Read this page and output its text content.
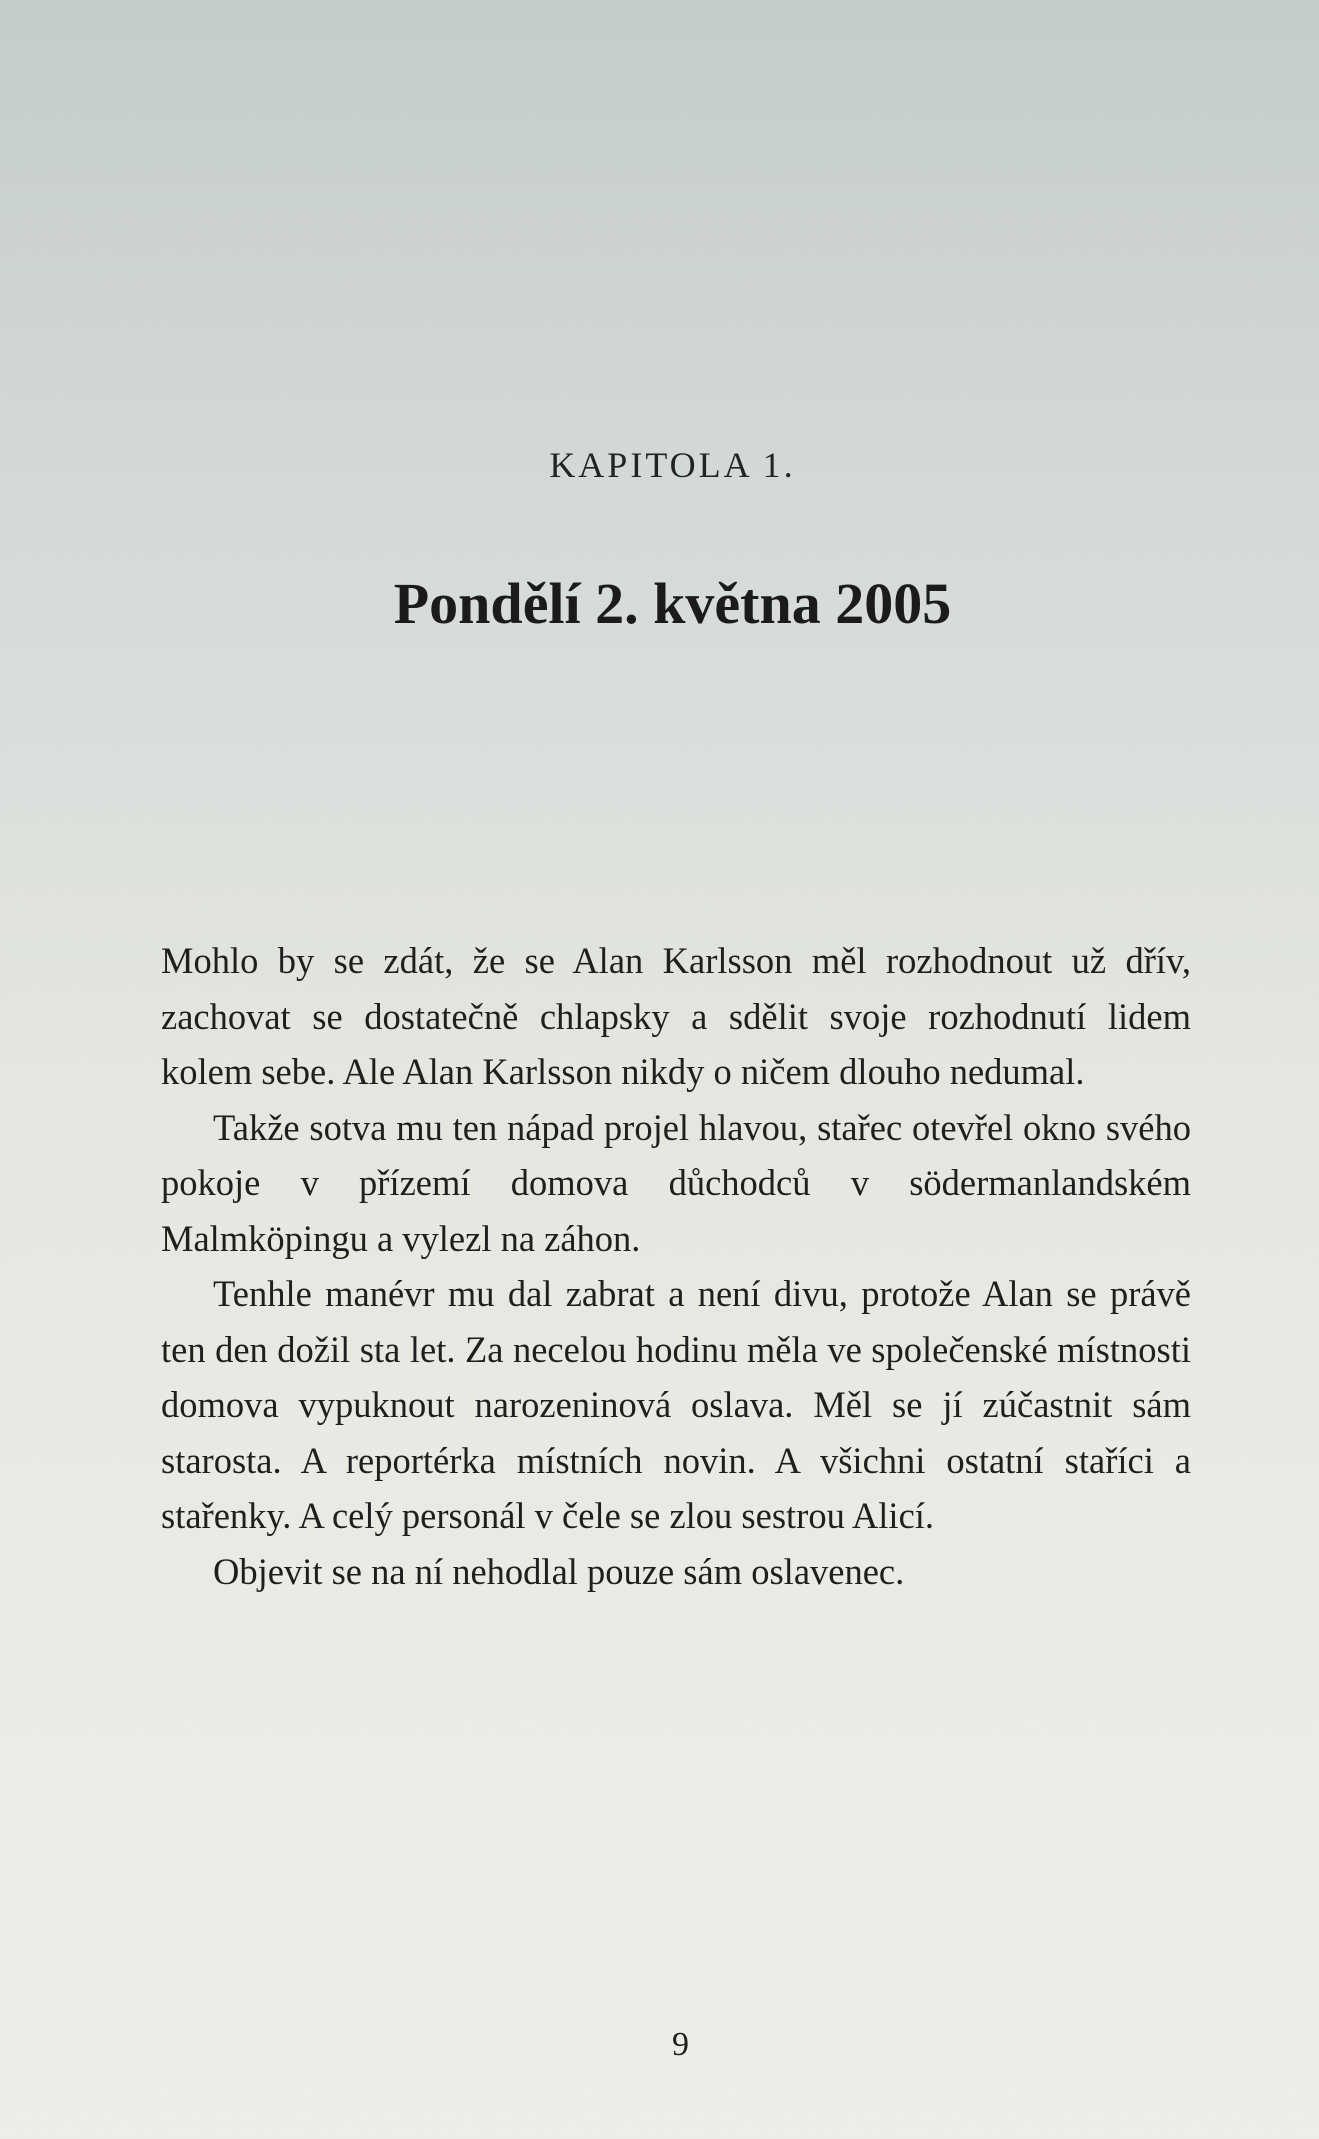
KAPITOLA 1.
Pondělí 2. května 2005

Mohlo by se zdát, že se Alan Karlsson měl rozhodnout už dřív, zachovat se dostatečně chlapsky a sdělit svoje rozhodnutí lidem kolem sebe. Ale Alan Karlsson nikdy o ničem dlouho nedumal.

Takže sotva mu ten nápad projel hlavou, stařec otevřel okno svého pokoje v přízemí domova důchodců v södermanlandském Malmköpingu a vylezl na záhon.

Tenhle manévr mu dal zabrat a není divu, protože Alan se právě ten den dožil sta let. Za necelou hodinu měla ve společenské místnosti domova vypuknout narozeninová oslava. Měl se jí zúčastnit sám starosta. A reportérka místních novin. A všichni ostatní staříci a stařenky. A celý personál v čele se zlou sestrou Alicí.

Objevit se na ní nehodlal pouze sám oslavenec.

9
